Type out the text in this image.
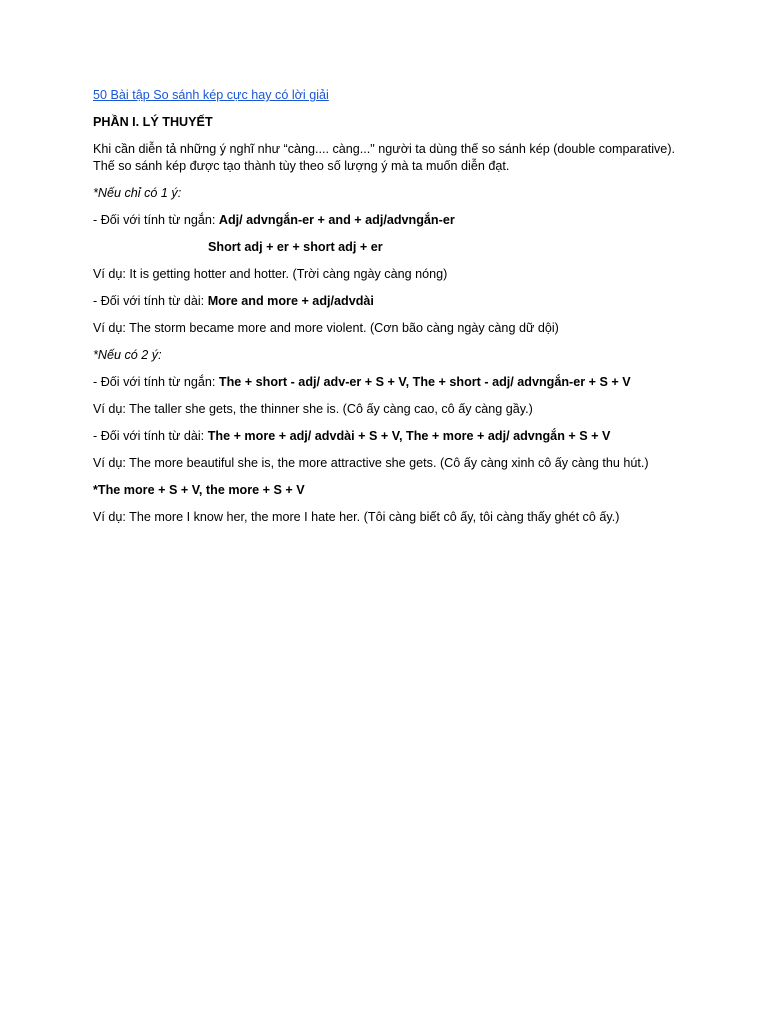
50 Bài tập So sánh kép cực hay có lời giải

PHẦN I. LÝ THUYẾT

Khi cần diễn tả những ý nghĩ như “càng.... càng..." người ta dùng thế so sánh kép (double comparative). Thế so sánh kép được tạo thành tùy theo số lượng ý mà ta muốn diễn đạt.

*Nếu chỉ có 1 ý:

- Đối với tính từ ngắn: Adj/ advngắn-er + and + adj/advngắn-er

Short adj + er + short adj + er

Ví dụ: It is getting hotter and hotter. (Trời càng ngày càng nóng)

- Đối với tính từ dài: More and more + adj/advdài

Ví dụ: The storm became more and more violent. (Cơn bão càng ngày càng dữ dội)

*Nếu có 2 ý:

- Đối với tính từ ngắn: The + short - adj/ adv-er + S + V, The + short - adj/ advngắn-er + S + V

Ví dụ: The taller she gets, the thinner she is. (Cô ấy càng cao, cô ấy càng gầy.)

- Đối với tính từ dài: The + more + adj/ advdài + S + V, The + more + adj/ advngắn + S + V

Ví dụ: The more beautiful she is, the more attractive she gets. (Cô ấy càng xinh cô ấy càng thu hút.)

*The more + S + V, the more + S + V

Ví dụ: The more I know her, the more I hate her. (Tôi càng biết cô ấy, tôi càng thấy ghét cô ấy.)
